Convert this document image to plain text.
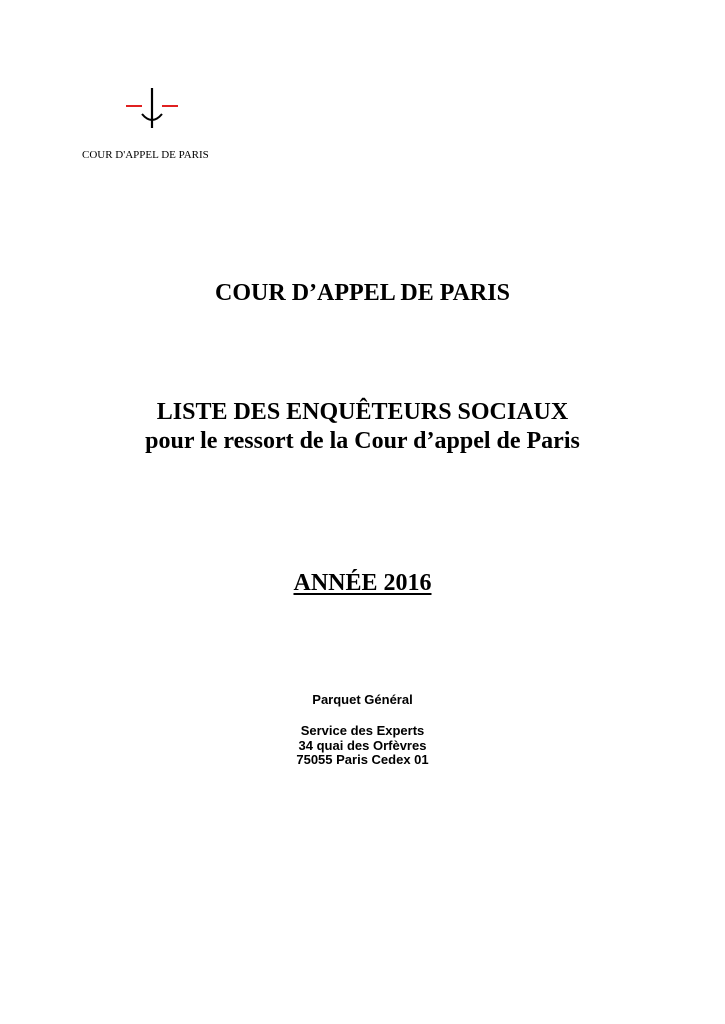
COUR D'APPEL DE PARIS
COUR D’APPEL DE PARIS
LISTE DES ENQUÊTEURS SOCIAUX
pour le ressort de la Cour d’appel de Paris
ANNÉE 2016
Parquet Général
Service des Experts
34 quai des Orfèvres
75055 Paris Cedex 01
